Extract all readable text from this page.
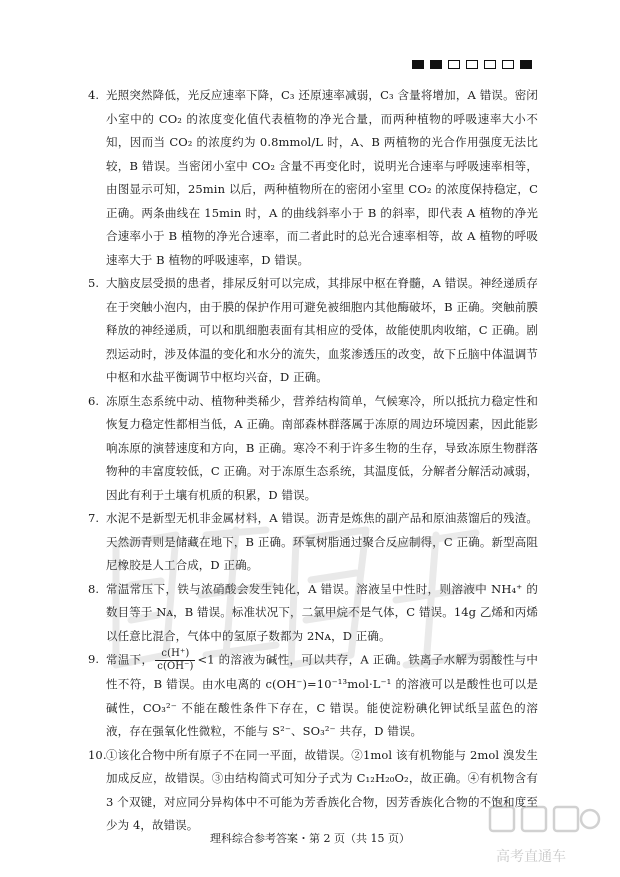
4. 光照突然降低，光反应速率下降，C₃ 还原速率减弱，C₃ 含量将增加，A 错误。密闭小室中的 CO₂ 的浓度变化值代表植物的净光合量，而两种植物的呼吸速率大小不知，因而当 CO₂ 的浓度约为 0.8mmol/L 时，A、B 两植物的光合作用强度无法比较，B 错误。当密闭小室中 CO₂ 含量不再变化时，说明光合速率与呼吸速率相等，由图显示可知，25min 以后，两种植物所在的密闭小室里 CO₂ 的浓度保持稳定，C 正确。两条曲线在 15min 时，A 的曲线斜率小于 B 的斜率，即代表 A 植物的净光合速率小于 B 植物的净光合速率，而二者此时的总光合速率相等，故 A 植物的呼吸速率大于 B 植物的呼吸速率，D 错误。

5. 大脑皮层受损的患者，排尿反射可以完成，其排尿中枢在脊髓，A 错误。神经递质存在于突触小泡内，由于膜的保护作用可避免被细胞内其他酶破坏，B 正确。突触前膜释放的神经递质，可以和肌细胞表面有其相应的受体，故能使肌肉收缩，C 正确。剧烈运动时，涉及体温的变化和水分的流失，血浆渗透压的改变，故下丘脑中体温调节中枢和水盐平衡调节中枢均兴奋，D 正确。

6. 冻原生态系统中动、植物种类稀少，营养结构简单，气候寒冷，所以抵抗力稳定性和恢复力稳定性都相当低，A 正确。南部森林群落属于冻原的周边环境因素，因此能影响冻原的演替速度和方向，B 正确。寒冷不利于许多生物的生存，导致冻原生物群落物种的丰富度较低，C 正确。对于冻原生态系统，其温度低，分解者分解活动减弱，因此有利于土壤有机质的积累，D 错误。

7. 水泥不是新型无机非金属材料，A 错误。沥青是炼焦的副产品和原油蒸馏后的残渣。天然沥青则是储藏在地下，B 正确。环氧树脂通过聚合反应制得，C 正确。新型高阻尼橡胶是人工合成，D 正确。

8. 常温常压下，铁与浓硝酸会发生钝化，A 错误。溶液呈中性时，则溶液中 NH₄⁺ 的数目等于 Nᴀ，B 错误。标准状况下，二氯甲烷不是气体，C 错误。14g 乙烯和丙烯以任意比混合，气体中的氢原子数都为 2Nᴀ，D 正确。

9. 常温下， $\frac{c(H^+)}{c(OH^-)} <1$ 的溶液为碱性，可以共存，A 正确。铁离子水解为弱酸性与中性不符，B 错误。由水电离的 c(OH⁻)=10⁻¹³mol·L⁻¹ 的溶液可以是酸性也可以是碱性，CO₃²⁻ 不能在酸性条件下存在，C 错误。能使淀粉碘化钾试纸呈蓝色的溶液，存在强氧化性微粒，不能与 S²⁻、SO₃²⁻ 共存，D 错误。

10. ①该化合物中所有原子不在同一平面，故错误。②1mol 该有机物能与 2mol 溴发生加成反应，故错误。③由结构简式可知分子式为 C₁₂H₂₀O₂，故正确。④有机物含有 3 个双键，对应同分异构体中不可能为芳香族化合物，因芳香族化合物的不饱和度至少为 4，故错误。

高考直通车
理科综合参考答案・第 2 页（共 15 页）
